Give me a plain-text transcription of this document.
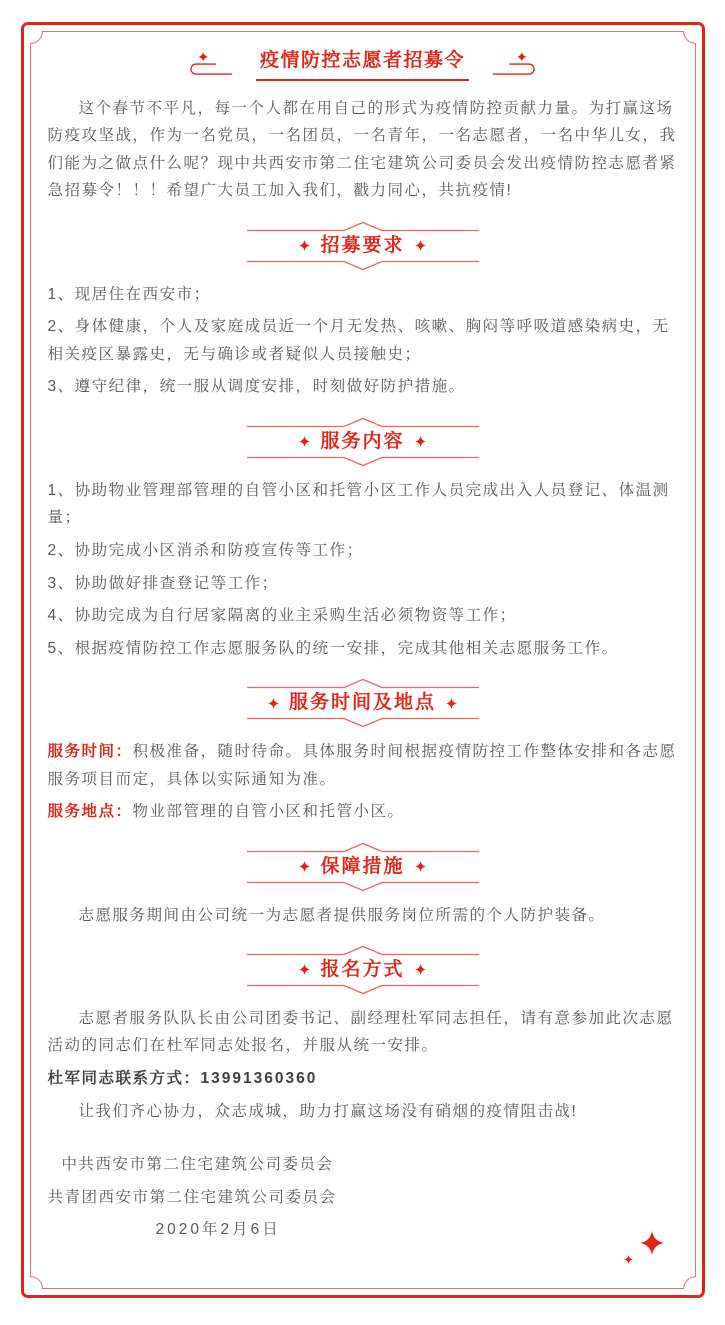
疫情防控志愿者招募令

这个春节不平凡，每一个人都在用自己的形式为疫情防控贡献力量。为打赢这场防疫攻坚战，作为一名党员，一名团员，一名青年，一名志愿者，一名中华儿女，我们能为之做点什么呢？现中共西安市第二住宅建筑公司委员会发出疫情防控志愿者紧急招募令！！！希望广大员工加入我们，戳力同心，共抗疫情!

招募要求

1、现居住在西安市；

2、身体健康，个人及家庭成员近一个月无发热、咳嗽、胸闷等呼吸道感染病史，无相关疫区暴露史，无与确诊或者疑似人员接触史；

3、遵守纪律，统一服从调度安排，时刻做好防护措施。

服务内容

1、协助物业管理部管理的自管小区和托管小区工作人员完成出入人员登记、体温测量；

2、协助完成小区消杀和防疫宣传等工作；

3、协助做好排查登记等工作；

4、协助完成为自行居家隔离的业主采购生活必须物资等工作；

5、根据疫情防控工作志愿服务队的统一安排，完成其他相关志愿服务工作。

服务时间及地点

服务时间：积极准备，随时待命。具体服务时间根据疫情防控工作整体安排和各志愿服务项目而定，具体以实际通知为准。

服务地点：物业部管理的自管小区和托管小区。

保障措施

志愿服务期间由公司统一为志愿者提供服务岗位所需的个人防护装备。

报名方式

志愿者服务队队长由公司团委书记、副经理杜军同志担任，请有意参加此次志愿活动的同志们在杜军同志处报名，并服从统一安排。

杜军同志联系方式：13991360360

让我们齐心协力，众志成城，助力打赢这场没有硝烟的疫情阻击战!

中共西安市第二住宅建筑公司委员会

共青团西安市第二住宅建筑公司委员会

2020年2月6日
